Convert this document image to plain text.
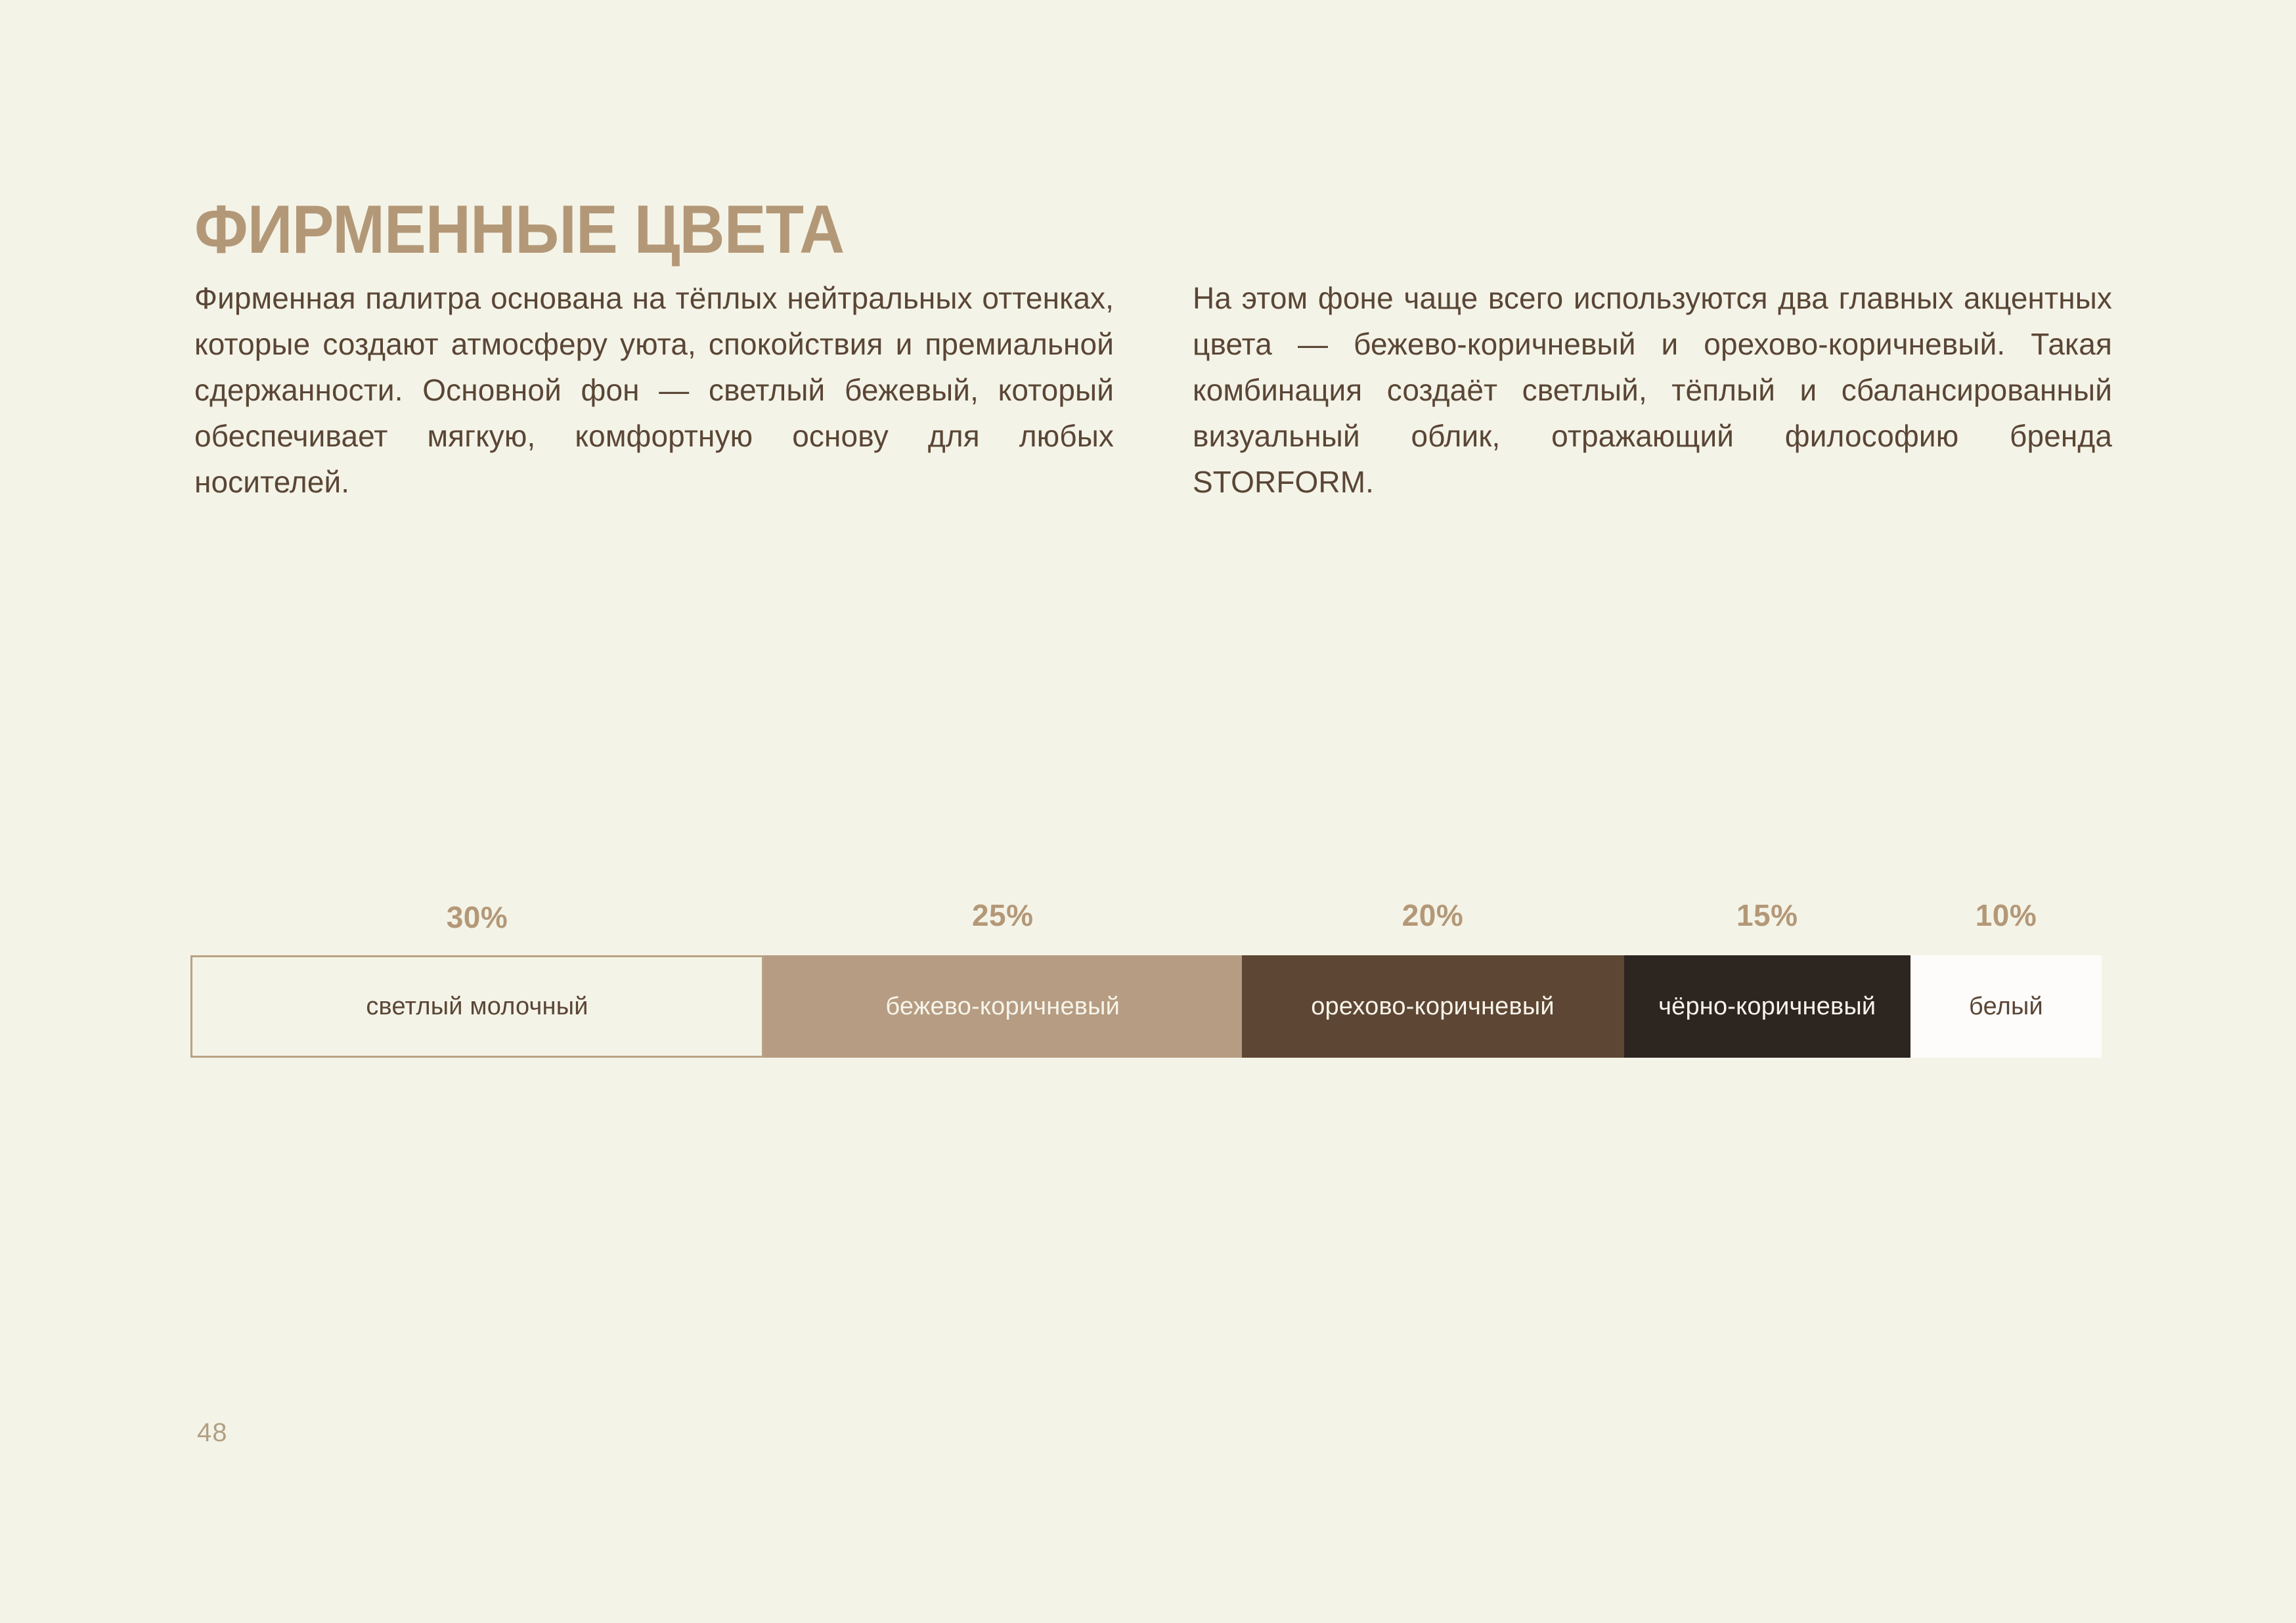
ФИРМЕННЫЕ ЦВЕТА

Фирменная палитра основана на тёплых нейтральных оттенках, которые создают атмосферу уюта, спокойствия и премиальной сдержанности. Основной фон — светлый бежевый, который обеспечивает мягкую, комфортную основу для любых носителей.

На этом фоне чаще всего используются два главных акцентных цвета — бежево-коричневый и орехово-коричневый. Такая комбинация создаёт светлый, тёплый и сбалансированный визуальный облик, отражающий философию бренда STORFORM.

30%
светлый молочный
25%
бежево-коричневый
20%
орехово-коричневый
15%
чёрно-коричневый
10%
белый
48
